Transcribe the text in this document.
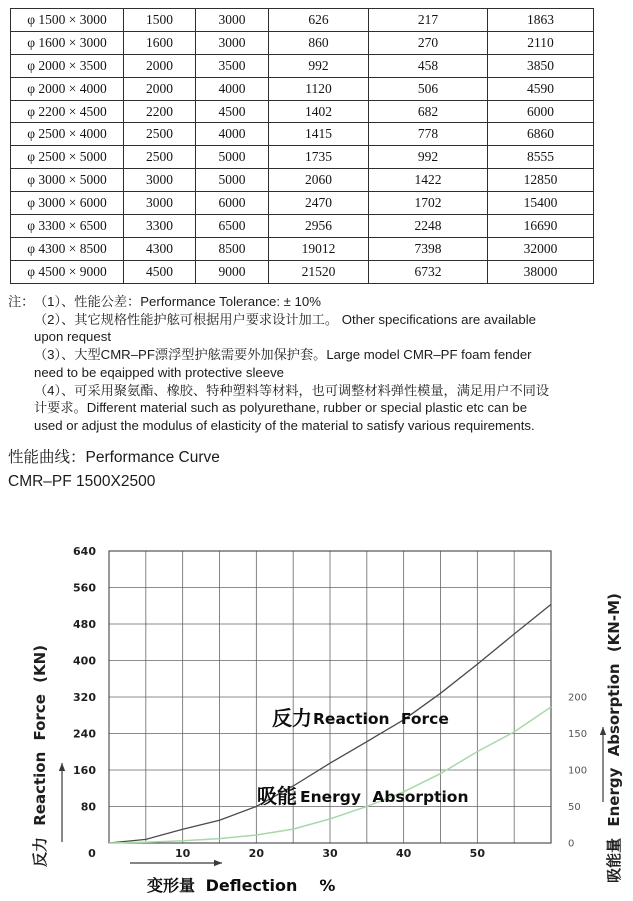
φ 1500 × 3000	1500	3000	626	217	1863
φ 1600 × 3000	1600	3000	860	270	2110
φ 2000 × 3500	2000	3500	992	458	3850
φ 2000 × 4000	2000	4000	1120	506	4590
φ 2200 × 4500	2200	4500	1402	682	6000
φ 2500 × 4000	2500	4000	1415	778	6860
φ 2500 × 5000	2500	5000	1735	992	8555
φ 3000 × 5000	3000	5000	2060	1422	12850
φ 3000 × 6000	3000	6000	2470	1702	15400
φ 3300 × 6500	3300	6500	2956	2248	16690
φ 4300 × 8500	4300	8500	19012	7398	32000
φ 4500 × 9000	4500	9000	21520	6732	38000
注： （1）、性能公差：Performance Tolerance: ± 10%
（2）、其它规格性能护舷可根据用户要求设计加工。 Other specifications are available
upon request
（3）、大型CMR–PF漂浮型护舷需要外加保护套。Large model CMR–PF foam fender
need to be eqaipped with protective sleeve
（4）、可采用聚氨酯、橡胶、特种塑料等材料，也可调整材料弹性模量，满足用户不同设
计要求。Different material such as polyurethane, rubber or special plastic etc can be
used or adjust the modulus of elasticity of the material to satisfy various requirements.
性能曲线：Performance Curve
CMR–PF 1500X2500
80
160
240
320
400
480
560
640
0	10	20	30	40	50
0
50
100
150
200
反力 Reaction Force (KN)	吸能量 Energy Absorption (KN-M)
变形量 Deflection %
反力 Reaction Force
吸能 Energy Absorption
